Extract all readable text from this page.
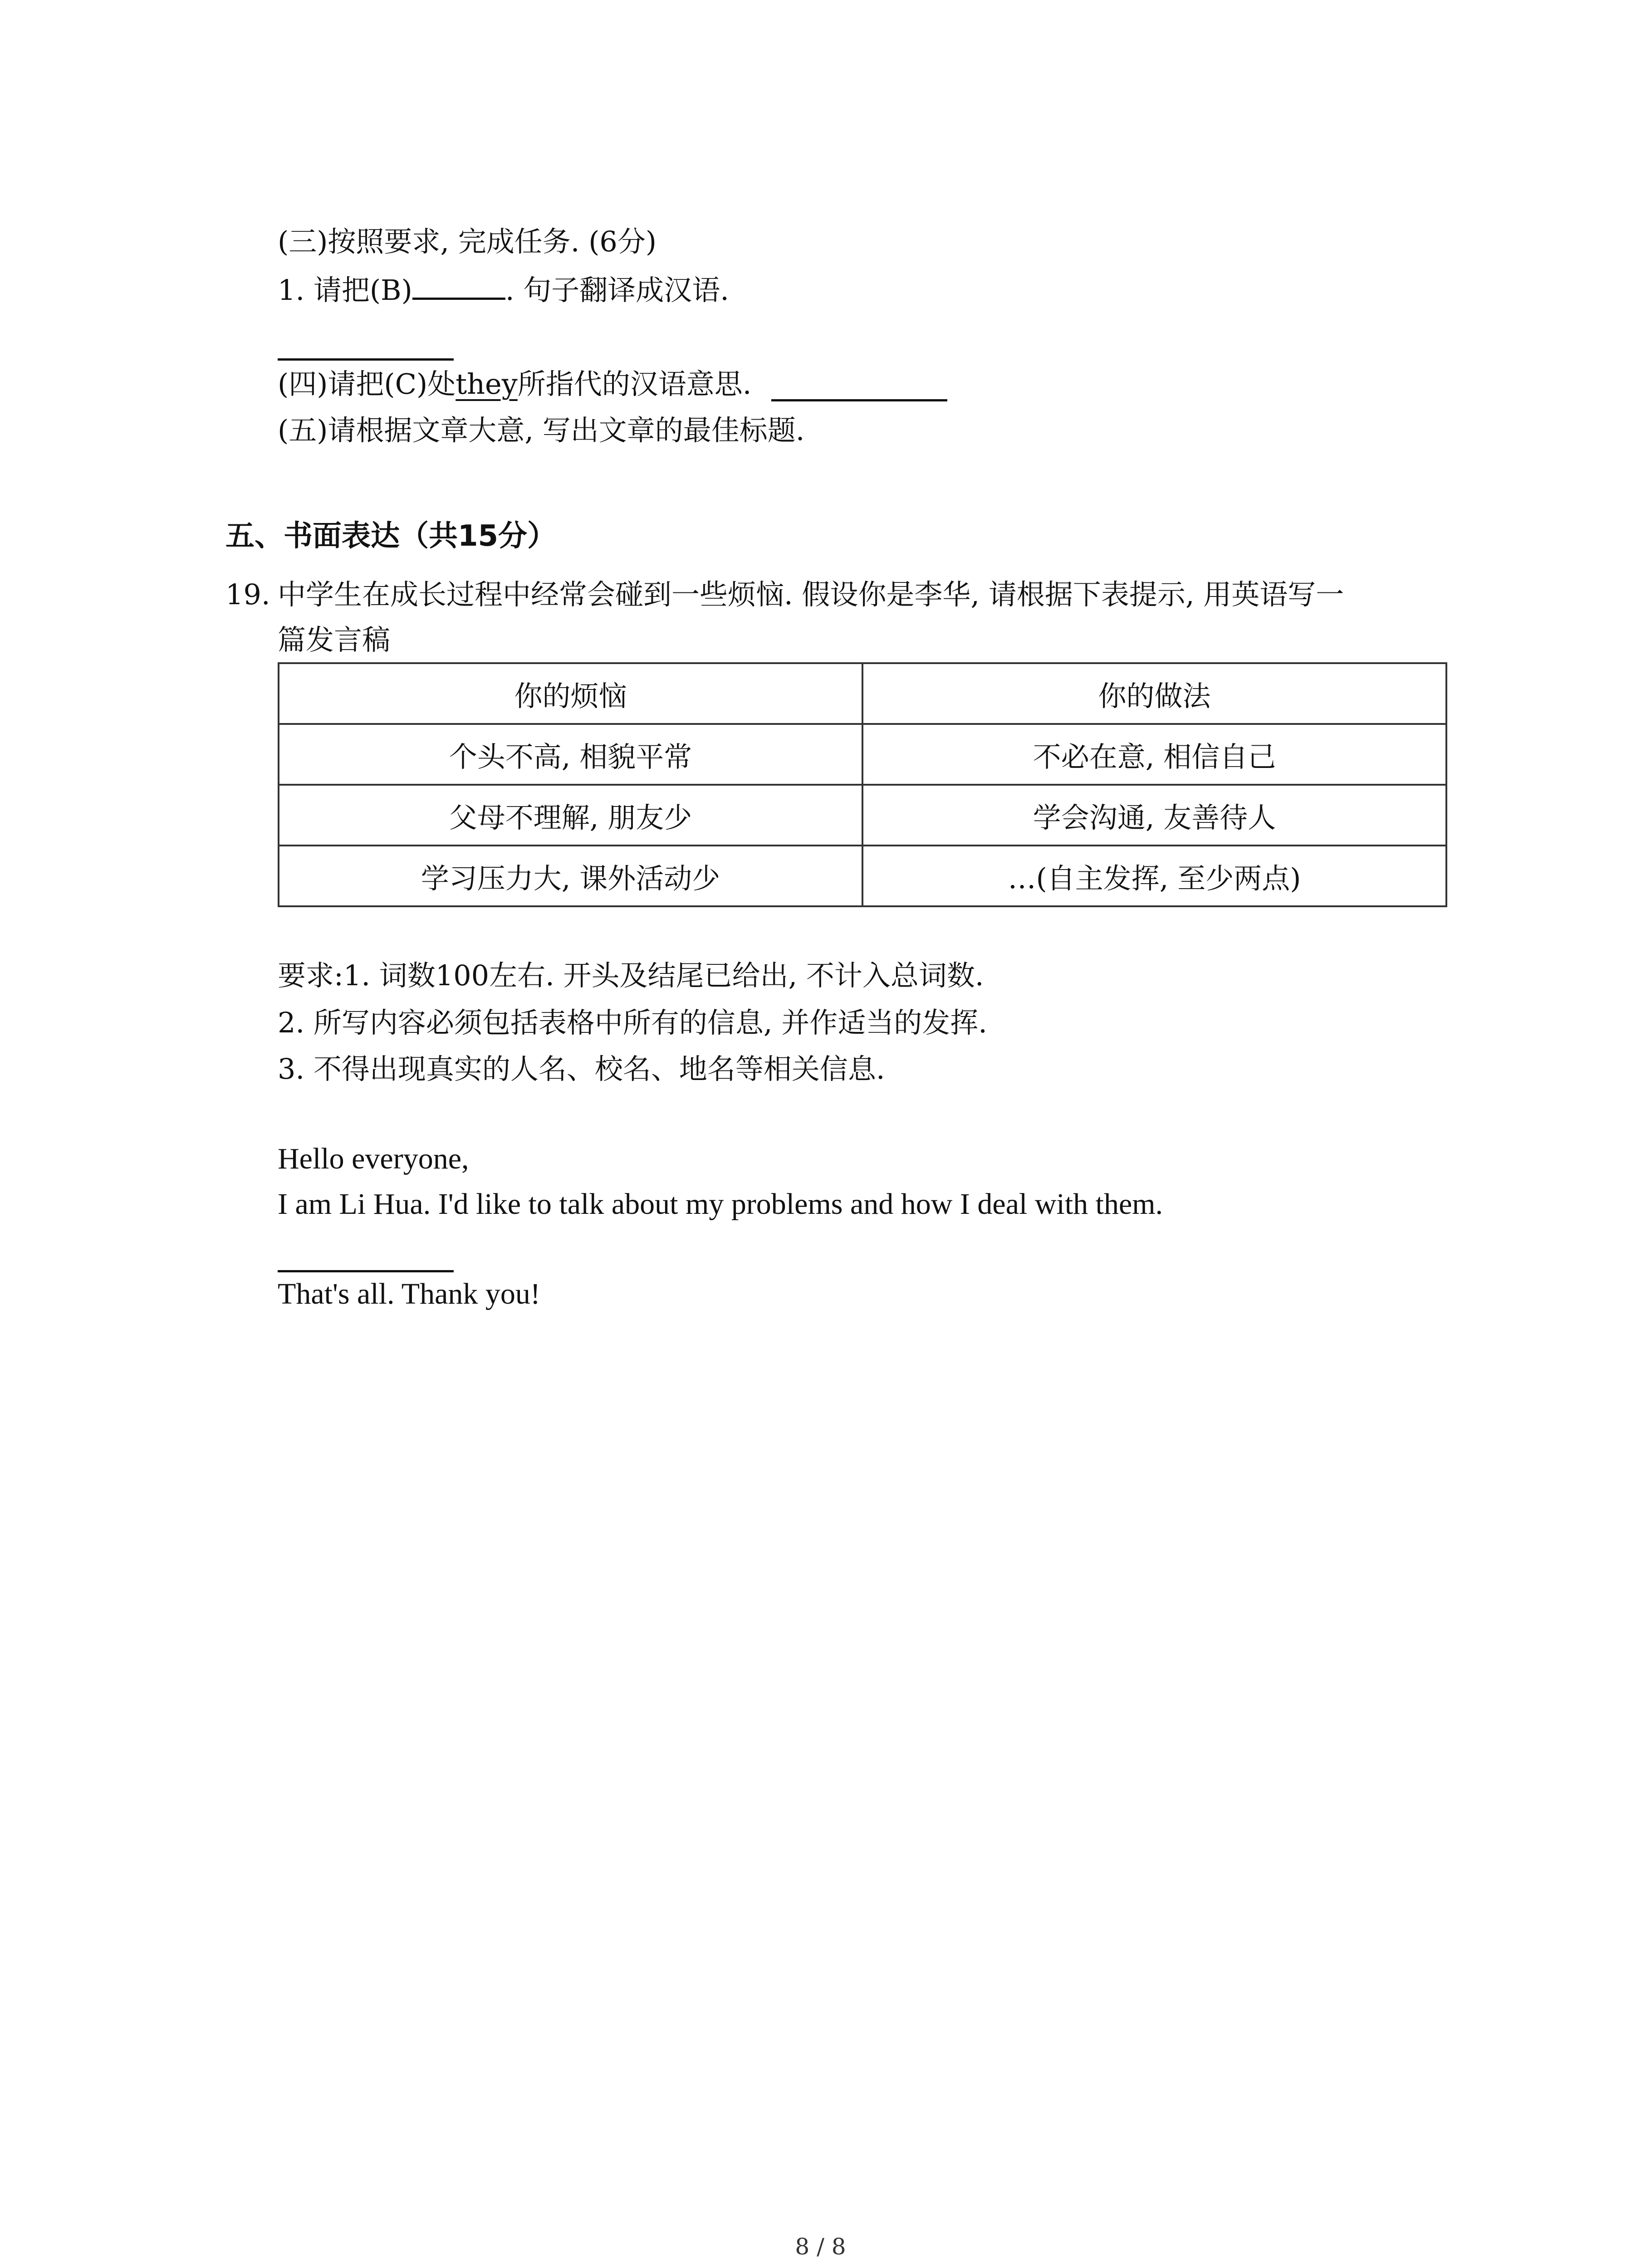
(三)按照要求, 完成任务. (6分)
1. 请把(B)	. 句子翻译成汉语.
(四)请把(C)处they所指代的汉语意思.
(五)请根据文章大意, 写出文章的最佳标题.
五、书面表达（共15分）
19. 中学生在成长过程中经常会碰到一些烦恼. 假设你是李华, 请根据下表提示, 用英语写一
篇发言稿
你的烦恼	你的做法
个头不高, 相貌平常	不必在意, 相信自己
父母不理解, 朋友少	学会沟通, 友善待人
学习压力大, 课外活动少	…(自主发挥, 至少两点)
要求:1. 词数100左右. 开头及结尾已给出, 不计入总词数.
2. 所写内容必须包括表格中所有的信息, 并作适当的发挥.
3. 不得出现真实的人名、校名、地名等相关信息.
Hello everyone,
I am Li Hua. I'd like to talk about my problems and how I deal with them.
That's all. Thank you!
8 / 8
